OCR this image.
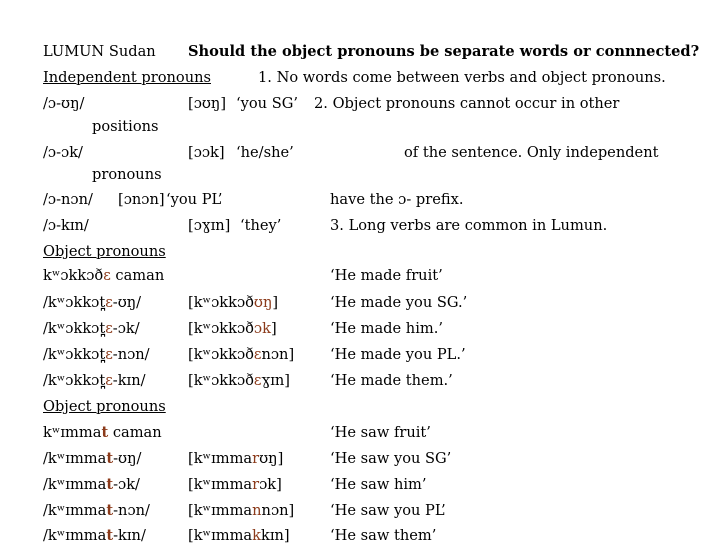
LUMUN Sudan Should the object pronouns be separate words or connnected?
Independent pronouns	1. No words come between verbs and object pronouns.
/ɔ-ʊŋ/	[ɔʊŋ] ‘you SG’ 2. Object pronouns cannot occur in other
positions
/ɔ-ɔk/	[ɔɔk] ‘he/she’	of the sentence. Only independent
pronouns
/ɔ-nɔn/ [ɔnɔn] ‘you PL’	have the ɔ- prefix.
/ɔ-kɪn/	[ɔɣɪn] ‘they’	3. Long verbs are common in Lumun.
Object pronouns
kʷɔkkɔðɛ caman	‘He made fruit’
/kʷɔkkɔt̪ɛ-ʊŋ/	[kʷɔkkɔðʊŋ]	‘He made you SG.’
/kʷɔkkɔt̪ɛ-ɔk/	[kʷɔkkɔðɔk]	‘He made him.’
/kʷɔkkɔt̪ɛ-nɔn/	[kʷɔkkɔðɛnɔn] ‘He made you PL.’
/kʷɔkkɔt̪ɛ-kɪn/	[kʷɔkkɔðɛɣɪn]	‘He made them.’
Object pronouns
kʷɪmmat caman	‘He saw fruit’
/kʷɪmmat-ʊŋ/	[kʷɪmmarʊŋ]	‘He saw you SG’
/kʷɪmmat-ɔk/	[kʷɪmmarɔk]	‘He saw him’
/kʷɪmmat-nɔn/	[kʷɪmmannɔn] ‘He saw you PL’
/kʷɪmmat-kɪn/	[kʷɪmmakkɪn]	‘He saw them’
